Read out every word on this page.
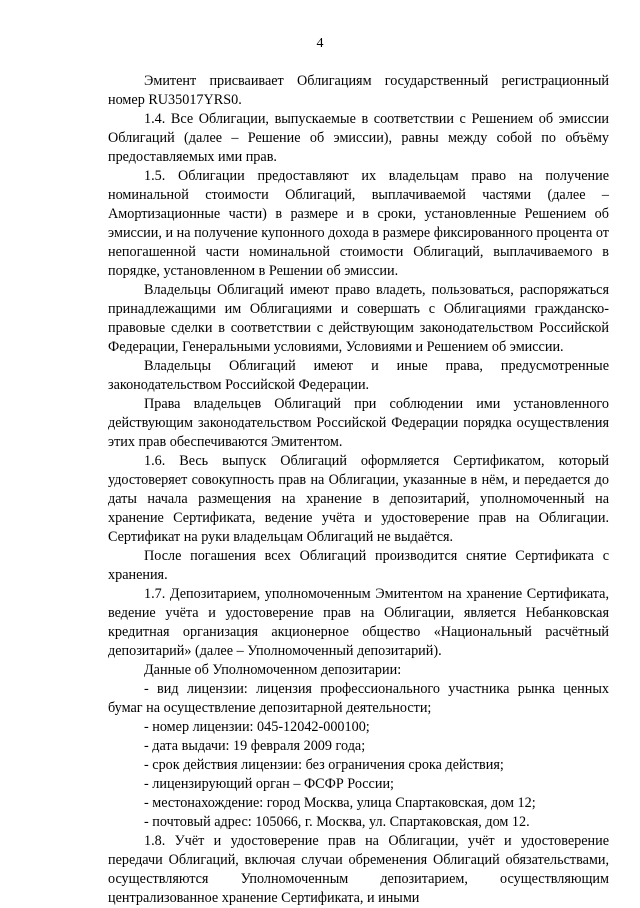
4

Эмитент присваивает Облигациям государственный регистрационный номер RU35017YRS0.

1.4. Все Облигации, выпускаемые в соответствии с Решением об эмиссии Облигаций (далее – Решение об эмиссии), равны между собой по объёму предоставляемых ими прав.

1.5. Облигации предоставляют их владельцам право на получение номинальной стоимости Облигаций, выплачиваемой частями (далее – Амортизационные части) в размере и в сроки, установленные Решением об эмиссии, и на получение купонного дохода в размере фиксированного процента от непогашенной части номинальной стоимости Облигаций, выплачиваемого в порядке, установленном в Решении об эмиссии.

Владельцы Облигаций имеют право владеть, пользоваться, распоряжаться принадлежащими им Облигациями и совершать с Облигациями гражданско-правовые сделки в соответствии с действующим законодательством Российской Федерации, Генеральными условиями, Условиями и Решением об эмиссии.

Владельцы Облигаций имеют и иные права, предусмотренные законодательством Российской Федерации.

Права владельцев Облигаций при соблюдении ими установленного действующим законодательством Российской Федерации порядка осуществления этих прав обеспечиваются Эмитентом.

1.6. Весь выпуск Облигаций оформляется Сертификатом, который удостоверяет совокупность прав на Облигации, указанные в нём, и передается до даты начала размещения на хранение в депозитарий, уполномоченный на хранение Сертификата, ведение учёта и удостоверение прав на Облигации. Сертификат на руки владельцам Облигаций не выдаётся.

После погашения всех Облигаций производится снятие Сертификата с хранения.

1.7. Депозитарием, уполномоченным Эмитентом на хранение Сертификата, ведение учёта и удостоверение прав на Облигации, является Небанковская кредитная организация акционерное общество «Национальный расчётный депозитарий» (далее – Уполномоченный депозитарий).

Данные об Уполномоченном депозитарии:

- вид лицензии: лицензия профессионального участника рынка ценных бумаг на осуществление депозитарной деятельности;

- номер лицензии: 045-12042-000100;

- дата выдачи: 19 февраля 2009 года;

- срок действия лицензии: без ограничения срока действия;

- лицензирующий орган – ФСФР России;

- местонахождение: город Москва, улица Спартаковская, дом 12;

- почтовый адрес: 105066, г. Москва, ул. Спартаковская, дом 12.

1.8. Учёт и удостоверение прав на Облигации, учёт и удостоверение передачи Облигаций, включая случаи обременения Облигаций обязательствами, осуществляются Уполномоченным депозитарием, осуществляющим централизованное хранение Сертификата, и иными
